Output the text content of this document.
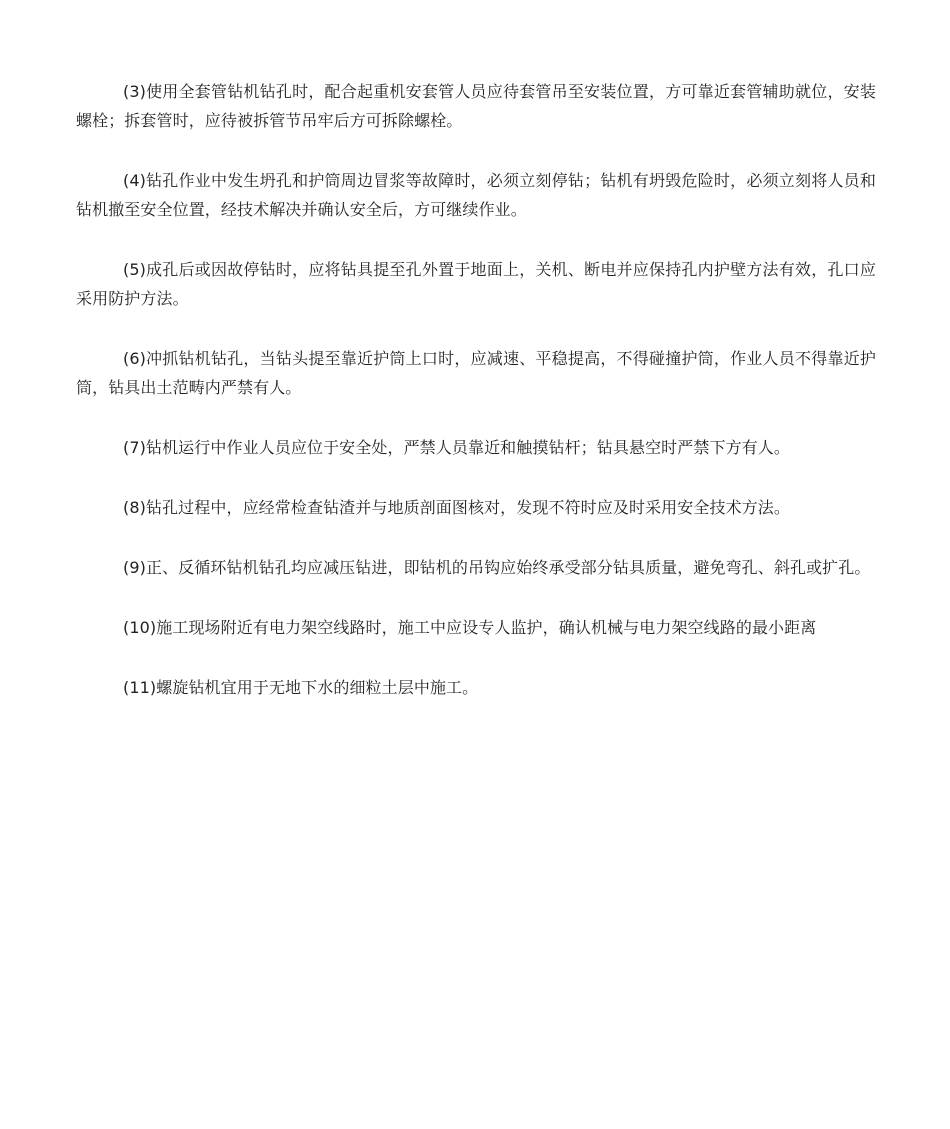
(3)使用全套管钻机钻孔时，配合起重机安套管人员应待套管吊至安装位置，方可靠近套管辅助就位，安装螺栓；拆套管时，应待被拆管节吊牢后方可拆除螺栓。

(4)钻孔作业中发生坍孔和护筒周边冒浆等故障时，必须立刻停钻；钻机有坍毁危险时，必须立刻将人员和钻机撤至安全位置，经技术解决并确认安全后，方可继续作业。

(5)成孔后或因故停钻时，应将钻具提至孔外置于地面上，关机、断电并应保持孔内护壁方法有效，孔口应采用防护方法。

(6)冲抓钻机钻孔，当钻头提至靠近护筒上口时，应减速、平稳提高，不得碰撞护筒，作业人员不得靠近护筒，钻具出土范畴内严禁有人。

(7)钻机运行中作业人员应位于安全处，严禁人员靠近和触摸钻杆；钻具悬空时严禁下方有人。

(8)钻孔过程中，应经常检查钻渣并与地质剖面图核对，发现不符时应及时采用安全技术方法。

(9)正、反循环钻机钻孔均应减压钻进，即钻机的吊钩应始终承受部分钻具质量，避免弯孔、斜孔或扩孔。

(10)施工现场附近有电力架空线路时，施工中应设专人监护，确认机械与电力架空线路的最小距离

(11)螺旋钻机宜用于无地下水的细粒土层中施工。
